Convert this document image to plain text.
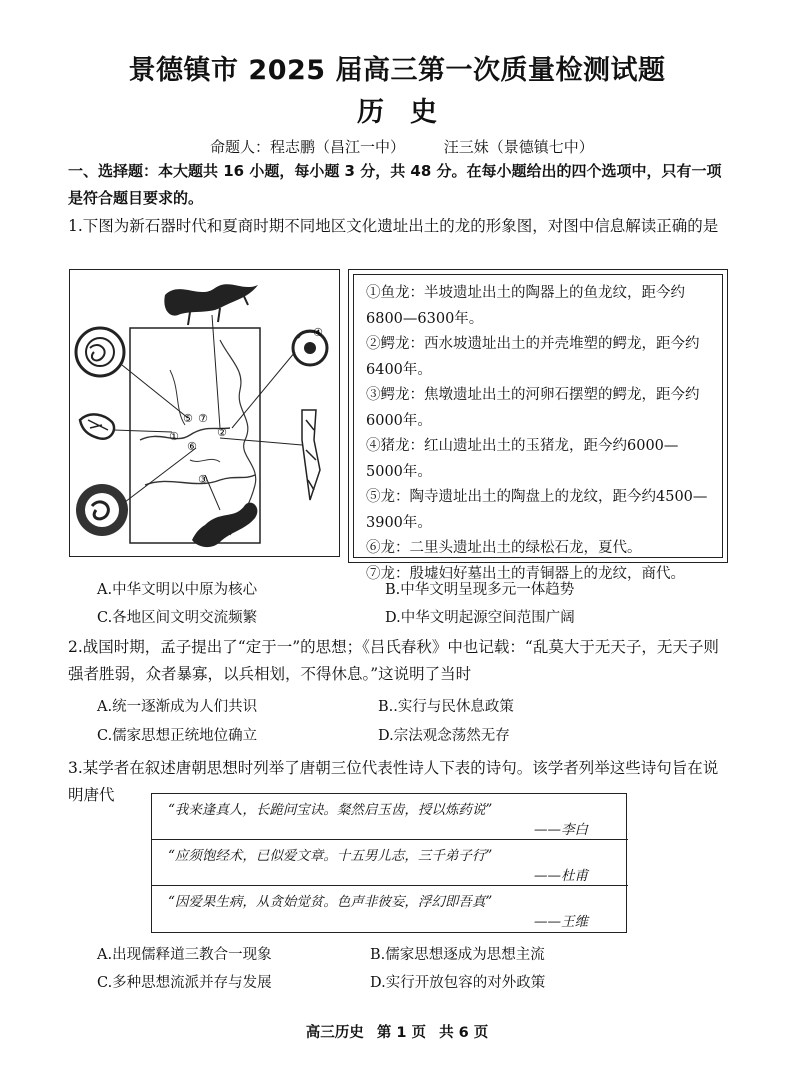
景德镇市 2025 届高三第一次质量检测试题
历史
命题人：程志鹏（昌江一中）	汪三妹（景德镇七中）
一、选择题：本大题共 16 小题，每小题 3 分，共 48 分。在每小题给出的四个选项中，只有一项是符合题目要求的。
1.下图为新石器时代和夏商时期不同地区文化遗址出土的龙的形象图，对图中信息解读正确的是
⑤ ⑦
①	②
⑥
③
④
①鱼龙：半坡遗址出土的陶器上的鱼龙纹，距今约6800—6300年。
②鳄龙：西水坡遗址出土的并壳堆塑的鳄龙，距今约6400年。
③鳄龙：焦墩遗址出土的河卵石摆塑的鳄龙，距今约6000年。
④猪龙：红山遗址出土的玉猪龙，距今约6000—5000年。
⑤龙：陶寺遗址出土的陶盘上的龙纹，距今约4500—3900年。
⑥龙：二里头遗址出土的绿松石龙，夏代。
⑦龙：殷墟妇好墓出土的青铜器上的龙纹，商代。
A.中华文明以中原为核心	B.中华文明呈现多元一体趋势
C.各地区间文明交流频繁	D.中华文明起源空间范围广阔
2.战国时期，孟子提出了“定于一”的思想；《吕氏春秋》中也记载：“乱莫大于无天子，无天子则强者胜弱，众者暴寡，以兵相划，不得休息。”这说明了当时
A.统一逐渐成为人们共识	B..实行与民休息政策
C.儒家思想正统地位确立	D.宗法观念荡然无存
3.某学者在叙述唐朝思想时列举了唐朝三位代表性诗人下表的诗句。该学者列举这些诗句旨在说明唐代
“我来逢真人，长跪问宝诀。粲然启玉齿，授以炼药说”
——李白
“应须饱经术，已似爱文章。十五男儿志，三千弟子行”
——杜甫
“因爱果生病，从贪始觉贫。色声非彼妄，浮幻即吾真”
——王维
A.出现儒释道三教合一现象	B.儒家思想逐成为思想主流
C.多种思想流派并存与发展	D.实行开放包容的对外政策
高三历史 第 1 页 共 6 页
